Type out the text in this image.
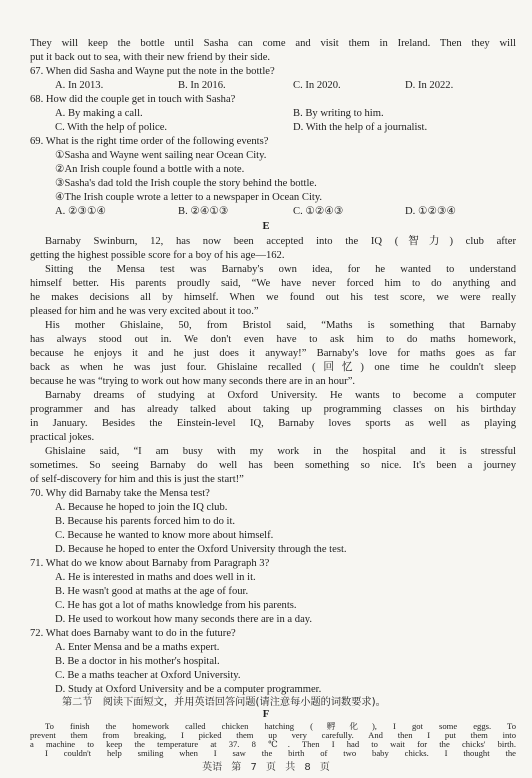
They will keep the bottle until Sasha can come and visit them in Ireland. Then they will
put it back out to sea, with their new friend by their side.
67. When did Sasha and Wayne put the note in the bottle?
A. In 2013.	B. In 2016.	C. In 2020.	D. In 2022.
68. How did the couple get in touch with Sasha?
A. By making a call.	B. By writing to him.
C. With the help of police.	D. With the help of a journalist.
69. What is the right time order of the following events?
①Sasha and Wayne went sailing near Ocean City.
②An Irish couple found a bottle with a note.
③Sasha's dad told the Irish couple the story behind the bottle.
④The Irish couple wrote a letter to a newspaper in Ocean City.
A. ②③①④	B. ②④①③	C. ①②④③	D. ①②③④
E
Barnaby Swinburn, 12, has now been accepted into the IQ (智力) club after
getting the highest possible score for a boy of his age—162.
Sitting the Mensa test was Barnaby's own idea, for he wanted to understand
himself better. His parents proudly said, “We have never forced him to do anything and
he makes decisions all by himself. When we found out his test score, we were really
pleased for him and he was very excited about it too.”
His mother Ghislaine, 50, from Bristol said, “Maths is something that Barnaby
has always stood out in. We don't even have to ask him to do maths homework,
because he enjoys it and he just does it anyway!” Barnaby's love for maths goes as far
back as when he was just four. Ghislaine recalled (回忆) one time he couldn't sleep
because he was “trying to work out how many seconds there are in an hour”.
Barnaby dreams of studying at Oxford University. He wants to become a computer
programmer and has already talked about taking up programming classes on his birthday
in January. Besides the Einstein-level IQ, Barnaby loves sports as well as playing
practical jokes.
Ghislaine said, “I am busy with my work in the hospital and it is stressful
sometimes. So seeing Barnaby do well has been something so nice. It's been a journey
of self-discovery for him and this is just the start!”
70. Why did Barnaby take the Mensa test?
A. Because he hoped to join the IQ club.
B. Because his parents forced him to do it.
C. Because he wanted to know more about himself.
D. Because he hoped to enter the Oxford University through the test.
71. What do we know about Barnaby from Paragraph 3?
A. He is interested in maths and does well in it.
B. He wasn't good at maths at the age of four.
C. He has got a lot of maths knowledge from his parents.
D. He used to workout how many seconds there are in a day.
72. What does Barnaby want to do in the future?
A. Enter Mensa and be a maths expert.
B. Be a doctor in his mother's hospital.
C. Be a maths teacher at Oxford University.
D. Study at Oxford University and be a computer programmer.
第二节　阅读下面短文，并用英语回答问题(请注意每小题的词数要求)。
F
To finish the homework called chicken hatching (孵化), I got some eggs. To
prevent them from breaking, I picked them up very carefully. And then I put them into
英语 第 7 页 共 8 页
a machine to keep the temperature at 37. 8 ℃. Then I had to wait for the chicks' birth.
I couldn't help smiling when I saw the birth of two baby chicks. I thought the
